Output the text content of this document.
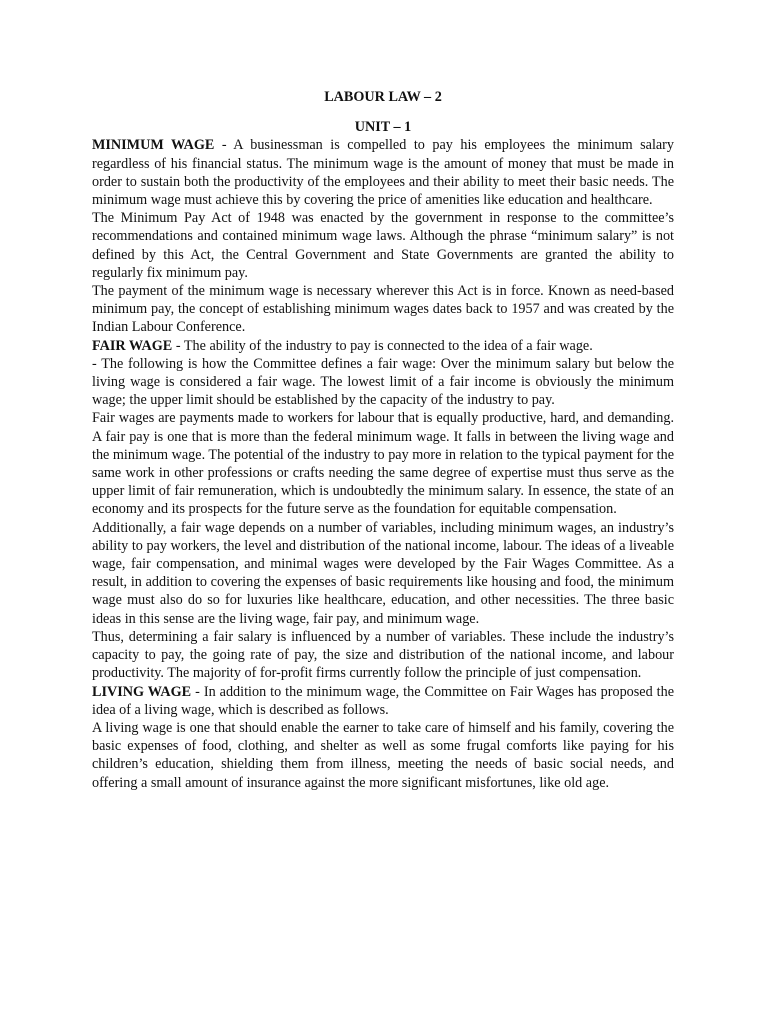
LABOUR LAW – 2

UNIT – 1

MINIMUM WAGE - A businessman is compelled to pay his employees the minimum salary regardless of his financial status. The minimum wage is the amount of money that must be made in order to sustain both the productivity of the employees and their ability to meet their basic needs. The minimum wage must achieve this by covering the price of amenities like education and healthcare.

The Minimum Pay Act of 1948 was enacted by the government in response to the committee’s recommendations and contained minimum wage laws. Although the phrase “minimum salary” is not defined by this Act, the Central Government and State Governments are granted the ability to regularly fix minimum pay.

The payment of the minimum wage is necessary wherever this Act is in force. Known as need-based minimum pay, the concept of establishing minimum wages dates back to 1957 and was created by the Indian Labour Conference.

FAIR WAGE - The ability of the industry to pay is connected to the idea of a fair wage.

- The following is how the Committee defines a fair wage: Over the minimum salary but below the living wage is considered a fair wage. The lowest limit of a fair income is obviously the minimum wage; the upper limit should be established by the capacity of the industry to pay.

Fair wages are payments made to workers for labour that is equally productive, hard, and demanding. A fair pay is one that is more than the federal minimum wage. It falls in between the living wage and the minimum wage. The potential of the industry to pay more in relation to the typical payment for the same work in other professions or crafts needing the same degree of expertise must thus serve as the upper limit of fair remuneration, which is undoubtedly the minimum salary. In essence, the state of an economy and its prospects for the future serve as the foundation for equitable compensation.

Additionally, a fair wage depends on a number of variables, including minimum wages, an industry’s ability to pay workers, the level and distribution of the national income, labour. The ideas of a liveable wage, fair compensation, and minimal wages were developed by the Fair Wages Committee. As a result, in addition to covering the expenses of basic requirements like housing and food, the minimum wage must also do so for luxuries like healthcare, education, and other necessities. The three basic ideas in this sense are the living wage, fair pay, and minimum wage.

Thus, determining a fair salary is influenced by a number of variables. These include the industry’s capacity to pay, the going rate of pay, the size and distribution of the national income, and labour productivity. The majority of for-profit firms currently follow the principle of just compensation.

LIVING WAGE - In addition to the minimum wage, the Committee on Fair Wages has proposed the idea of a living wage, which is described as follows.

A living wage is one that should enable the earner to take care of himself and his family, covering the basic expenses of food, clothing, and shelter as well as some frugal comforts like paying for his children’s education, shielding them from illness, meeting the needs of basic social needs, and offering a small amount of insurance against the more significant misfortunes, like old age.
